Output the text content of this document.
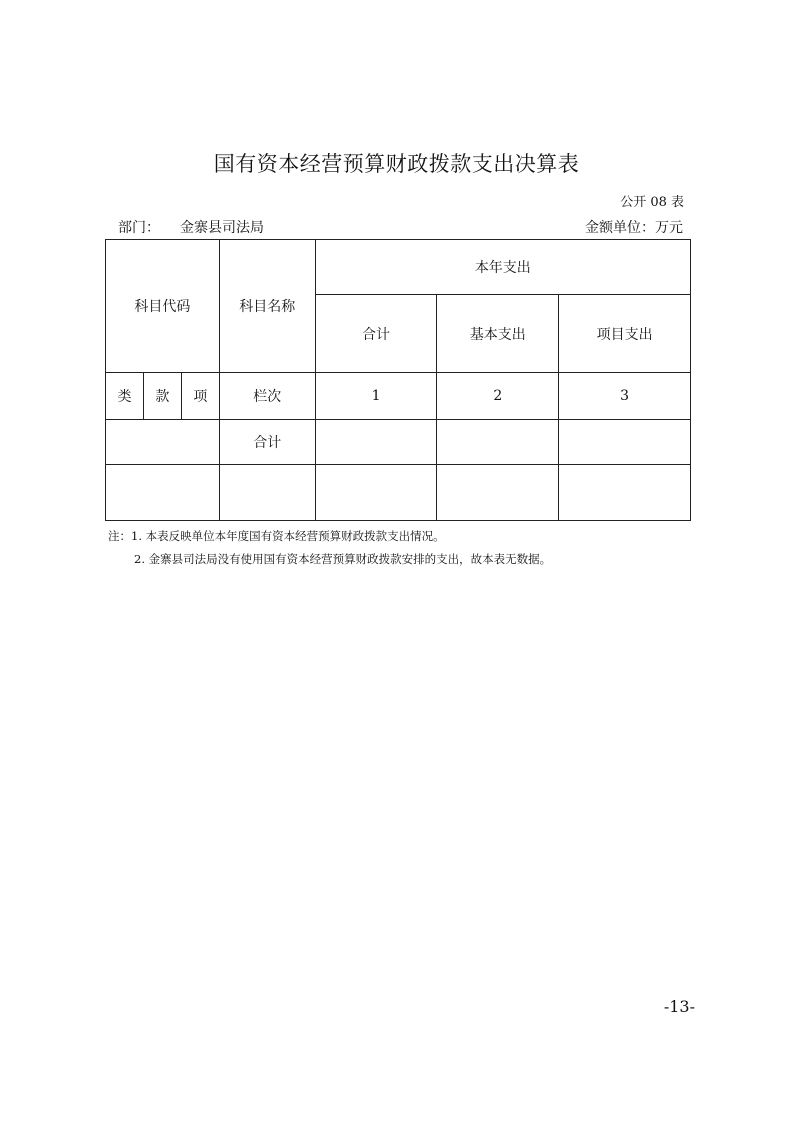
国有资本经营预算财政拨款支出决算表
公开 08 表
部门： 金寨县司法局	金额单位：万元
科目代码			科目名称	本年支出		
				合计	基本支出	项目支出
类	款	项	栏次	1	2	3
			合计			

注：1. 本表反映单位本年度国有资本经营预算财政拨款支出情况。
2. 金寨县司法局没有使用国有资本经营预算财政拨款安排的支出，故本表无数据。
-13-
